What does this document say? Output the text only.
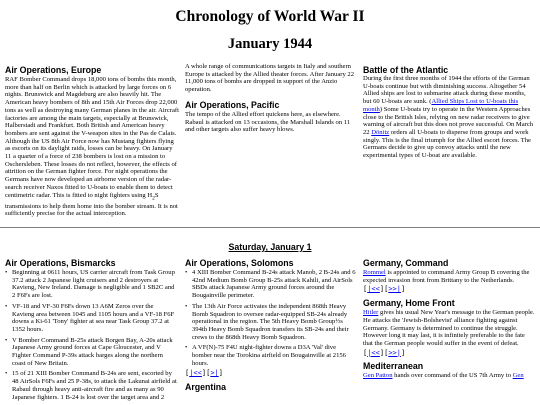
Chronology of World War II
January 1944
Air Operations, Europe

RAF Bomber Command drops 18,000 tons of bombs this month, more than half on Berlin which is attacked by large forces on 6 nights. Brunswick and Magdeburg are also heavily hit. The American heavy bombers of 8th and 15th Air Forces drop 22,000 tons as well as destroying many German planes in the air. Aircraft factories are among the main targets, especially at Brunswick, Halberstadt and Frankfurt. Both British and American heavy bombers are sent against the V-weapon sites in the Pas de Calais. Although the US 8th Air Force now has Mustang fighters flying as escorts on its daylight raids, losses can be heavy. On January 11 a quarter of a force of 238 bombers is lost on a mission to Oschersleben. These losses do not reflect, however, the effects of attrition on the German fighter force. For night operations the Germans have now developed an airborne version of the radar-search receiver Naxos fitted to U-boats to enable them to detect centimetric radar. This is fitted to night fighters using $H_2S$ transmissions to help them home into the bomber stream. It is not sufficiently precise for the actual interception.

A whole range of communications targets in Italy and southern Europe is attacked by the Allied theater forces. After January 22 11,000 tons of bombs are dropped in support of the Anzio operation.

Air Operations, Pacific

The tempo of the Allied effort quickens here, as elsewhere. Rabaul is attacked on 13 occasions, the Marshall Islands on 11 and other targets also suffer heavy blows.

Battle of the Atlantic

During the first three months of 1944 the efforts of the German U-boats continue but with diminishing success. Altogether 54 Allied ships are lost to submarine attack during these months, but 60 U-boats are sunk. (Allied Ships Lost to U-boats this month) Some U-boats try to operate in the Western Approaches close to the British Isles, relying on new radar receivers to give warning of aircraft but this does not prove successful. On March 22 Dönitz orders all U-boats to disperse from groups and work singly. This is the final triumph for the Allied escort forces. The Germans decide to give up convoy attacks until the new experimental types of U-boat are available.

Saturday, January 1
Air Operations, Bismarcks

• Beginning at 0611 hours, US carrier aircraft from Task Group 37.2 attack 2 Japanese light cruisers and 2 destroyers at Kavieng, New Ireland. Damage is negligible and 1 SB2C and 2 F6Fs are lost.

• VF-18 and VF-30 F6Fs down 13 A6M Zeros over the Kavieng area between 1045 and 1105 hours and a VF-18 F6F downs a Ki-61 'Tony' fighter at sea near Task Group 37.2 at 1352 hours.

• V Bomber Command B-25s attack Borgen Bay, A-20s attack Japanese Army ground forces at Cape Gloucester, and V Fighter Command P-39s attack barges along the northern coast of New Britain.

• 15 of 21 XIII Bomber Command B-24s are sent, escorted by 48 AirSols F6Fs and 25 P-38s, to attack the Lakunai airfield at Rabaul through heavy anti-aircraft fire and as many as 90 Japanese fighters. 1 B-24 is lost over the target area and 2

Air Operations, Solomons

• 4 XIII Bomber Command B-24s attack Manob, 2 B-24s and 6 42nd Medium Bomb Group B-25s attack Kahili, and AirSols SBDs attack Japanese Army ground forces around the Bougainville perimeter.

• The 13th Air Force activates the independent 868th Heavy Bomb Squadron to oversee radar-equipped SB-24s already operational in the region. The 5th Heavy Bomb Group½s 394th Heavy Bomb Squadron transfers its SB-24s and their crews to the 868th Heavy Bomb Squadron.

• A VF(N)-75 F4U night-fighter downs a D3A 'Val' dive bomber near the Torokina airfield on Bougainville at 2156 hours.

[|<<][>|]

Argentina
Germany, Command

Rommel is appointed to command Army Group B covering the expected invasion front from Brittany to the Netherlands.

[|<<][>>|]

Germany, Home Front

Hitler gives his usual New Year's message to the German people. He attacks the 'Jewish-Bolshevist' alliance fighting against Germany. Germany is determined to continue the struggle. However long it may last, it is infinitely preferable to the fate that the German people would suffer in the event of defeat.

[|<<][>>|]

Mediterranean

Gen Patton hands over command of the US 7th Army to Gen
